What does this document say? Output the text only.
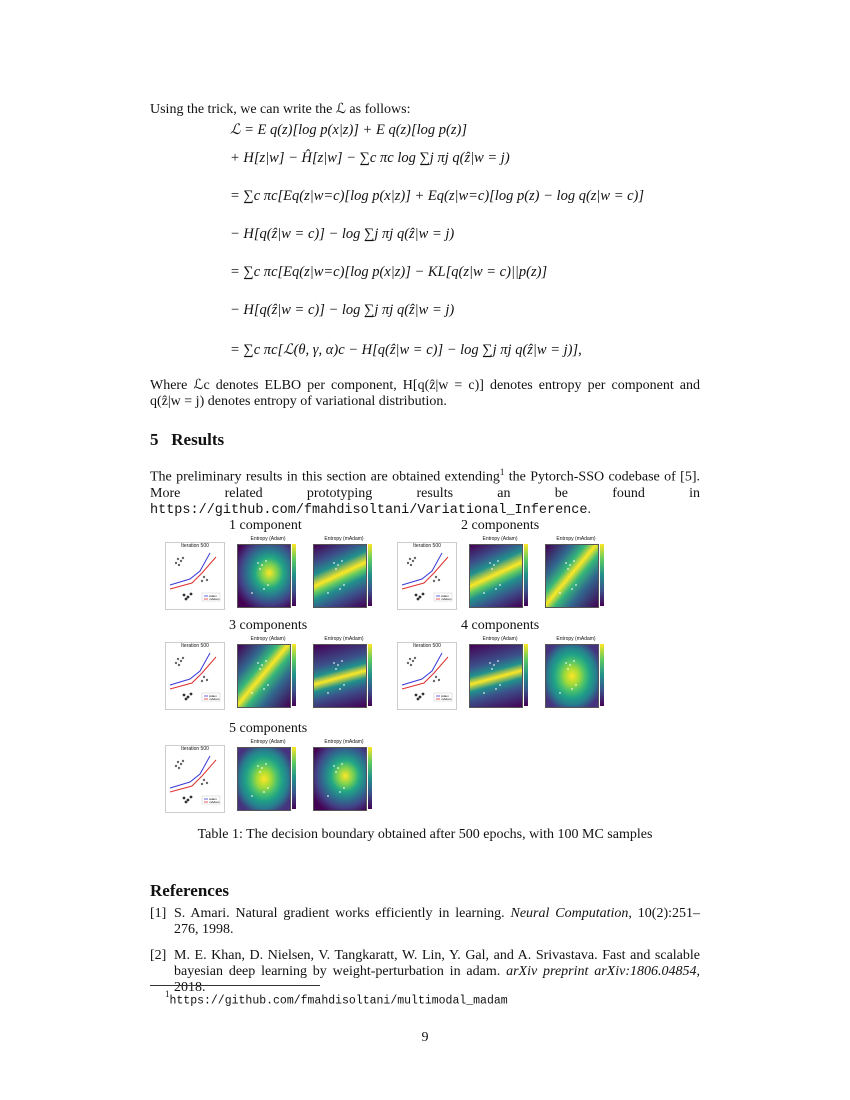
Using the trick, we can write the ℒ as follows:
ℒ = E q(z)[log p(x|z)] + E q(z)[log p(z)]
+ H[z|w] − Ĥ[z|w] − ∑c πc log ∑j πj q(ẑ|w = j)
= ∑c πc[Eq(z|w=c)[log p(x|z)] + Eq(z|w=c)[log p(z) − log q(z|w = c)]
− H[q(ẑ|w = c)] − log ∑j πj q(ẑ|w = j)
= ∑c πc[Eq(z|w=c)[log p(x|z)] − KL[q(z|w = c)||p(z)]
− H[q(ẑ|w = c)] − log ∑j πj q(ẑ|w = j)
= ∑c πc[ℒ(θ, γ, α)c − H[q(ẑ|w = c)] − log ∑j πj q(ẑ|w = j)],
Where ℒc denotes ELBO per component, H[q(ẑ|w = c)] denotes entropy per component and q(ẑ|w = j) denotes entropy of variational distribution.
5   Results
The preliminary results in this section are obtained extending$^1$ the Pytorch-SSO codebase of [5]. More related prototyping results an be found in https://github.com/fmahdisoltani/Variational_Inference.
1 component
Iteration 500
Adam
mAdam
Entropy (Adam)	Entropy (mAdam)
2 components
Iteration 500
Adam
mAdam
Entropy (Adam)	Entropy (mAdam)
3 components
Iteration 500
Adam
mAdam
Entropy (Adam)	Entropy (mAdam)
4 components
Iteration 500
Adam
mAdam
Entropy (Adam)	Entropy (mAdam)
5 components
Iteration 500
Adam
mAdam
Entropy (Adam)	Entropy (mAdam)
Table 1: The decision boundary obtained after 500 epochs, with 100 MC samples
References
[1] S. Amari. Natural gradient works efficiently in learning. Neural Computation, 10(2):251–276, 1998.
[2] M. E. Khan, D. Nielsen, V. Tangkaratt, W. Lin, Y. Gal, and A. Srivastava. Fast and scalable bayesian deep learning by weight-perturbation in adam. arXiv preprint arXiv:1806.04854, 2018.
$^1$https://github.com/fmahdisoltani/multimodal_madam
9
